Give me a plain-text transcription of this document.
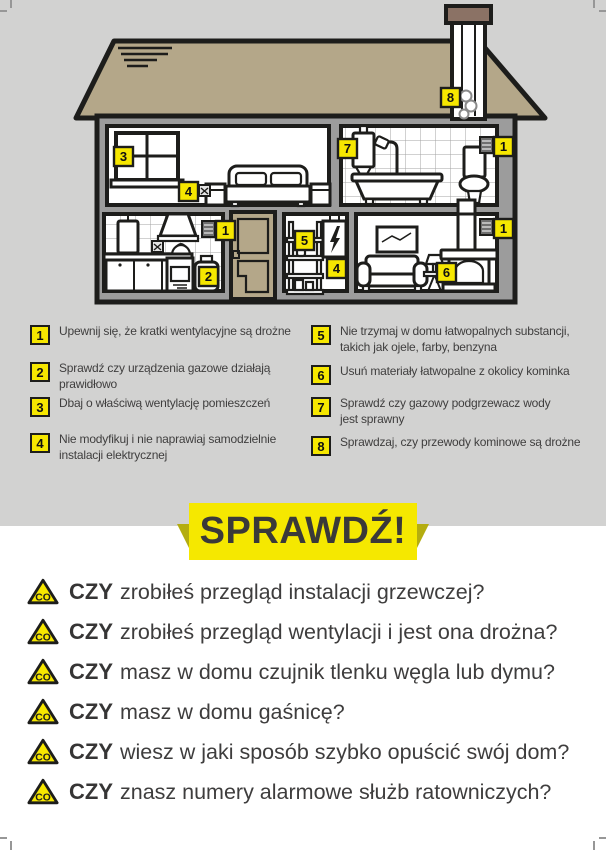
3
4
7	1
1
2
5
4	6
1
8
1	Upewnij się, że kratki wentylacyjne są drożne
2	Sprawdź czy urządzenia gazowe działają prawidłowo
3	Dbaj o właściwą wentylację pomieszczeń
4	Nie modyfikuj i nie naprawiaj samodzielnie instalacji elektrycznej
5	Nie trzymaj w domu łatwopalnych substancji, takich jak ojele, farby, benzyna
6	Usuń materiały łatwopalne z okolicy kominka
7	Sprawdź czy gazowy podgrzewacz wody jest sprawny
8	Sprawdzaj, czy przewody kominowe są drożne
SPRAWDŹ!
CO CZY zrobiłeś przegląd instalacji grzewczej?
CO CZY zrobiłeś przegląd wentylacji i jest ona drożna?
CO CZY masz w domu czujnik tlenku węgla lub dymu?
CO CZY masz w domu gaśnicę?
CO CZY wiesz w jaki sposób szybko opuścić swój dom?
CO CZY znasz numery alarmowe służb ratowniczych?
